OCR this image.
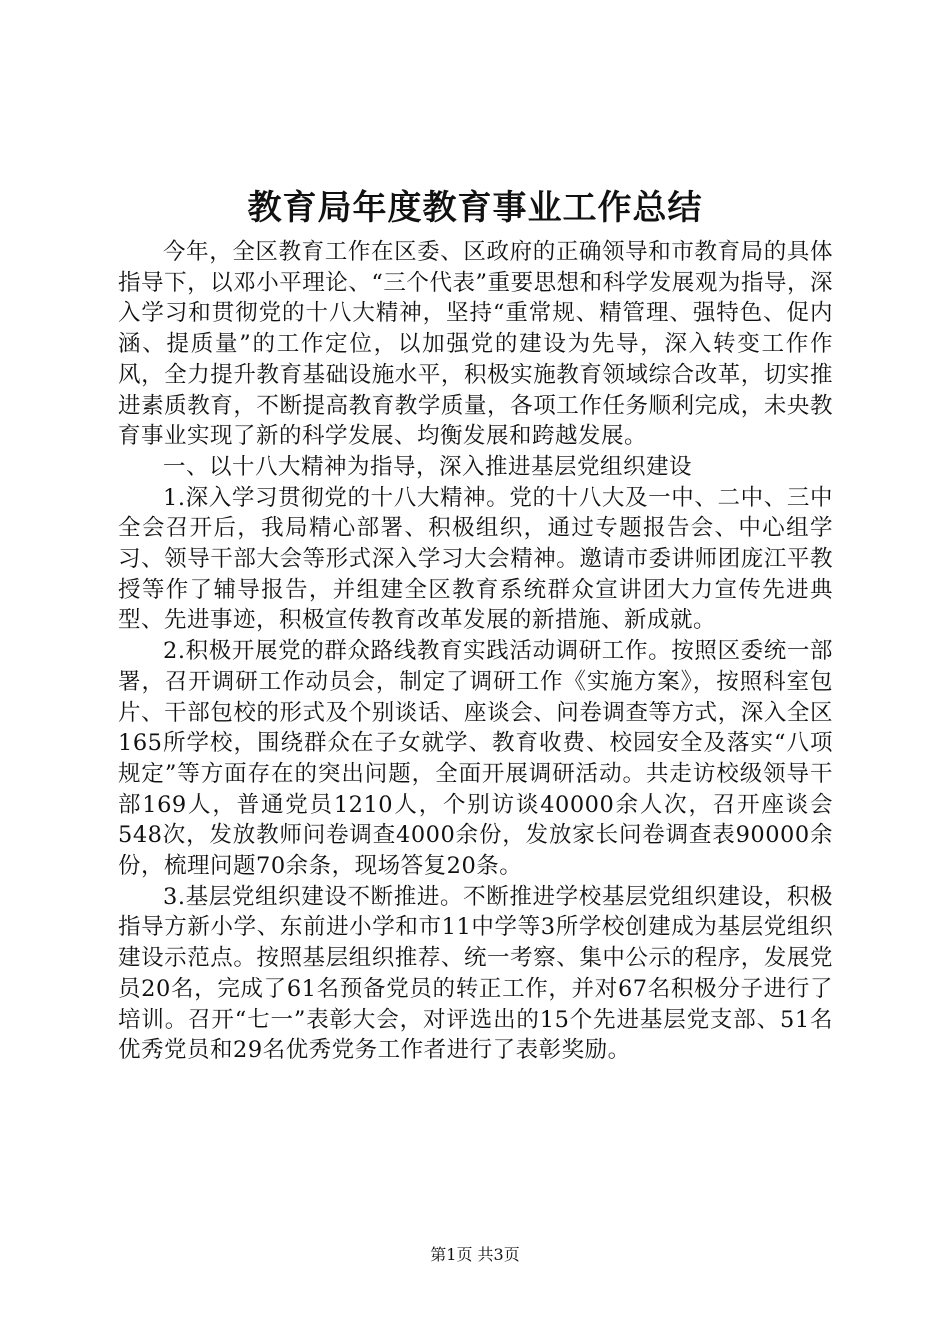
教育局年度教育事业工作总结

今年，全区教育工作在区委、区政府的正确领导和市教育局的具体指导下，以邓小平理论、“三个代表”重要思想和科学发展观为指导，深入学习和贯彻党的十八大精神，坚持“重常规、精管理、强特色、促内涵、提质量”的工作定位，以加强党的建设为先导，深入转变工作作风，全力提升教育基础设施水平，积极实施教育领域综合改革，切实推进素质教育，不断提高教育教学质量，各项工作任务顺利完成，未央教育事业实现了新的科学发展、均衡发展和跨越发展。

一、以十八大精神为指导，深入推进基层党组织建设

1.深入学习贯彻党的十八大精神。党的十八大及一中、二中、三中全会召开后，我局精心部署、积极组织，通过专题报告会、中心组学习、领导干部大会等形式深入学习大会精神。邀请市委讲师团庞江平教授等作了辅导报告，并组建全区教育系统群众宣讲团大力宣传先进典型、先进事迹，积极宣传教育改革发展的新措施、新成就。

2.积极开展党的群众路线教育实践活动调研工作。按照区委统一部署，召开调研工作动员会，制定了调研工作《实施方案》，按照科室包片、干部包校的形式及个别谈话、座谈会、问卷调查等方式，深入全区165所学校，围绕群众在子女就学、教育收费、校园安全及落实“八项规定”等方面存在的突出问题，全面开展调研活动。共走访校级领导干部169人，普通党员1210人，个别访谈40000余人次，召开座谈会548次，发放教师问卷调查4000余份，发放家长问卷调查表90000余份，梳理问题70余条，现场答复20条。

3.基层党组织建设不断推进。不断推进学校基层党组织建设，积极指导方新小学、东前进小学和市11中学等3所学校创建成为基层党组织建设示范点。按照基层组织推荐、统一考察、集中公示的程序，发展党员20名，完成了61名预备党员的转正工作，并对67名积极分子进行了培训。召开“七一”表彰大会，对评选出的15个先进基层党支部、51名优秀党员和29名优秀党务工作者进行了表彰奖励。

第1页 共3页
